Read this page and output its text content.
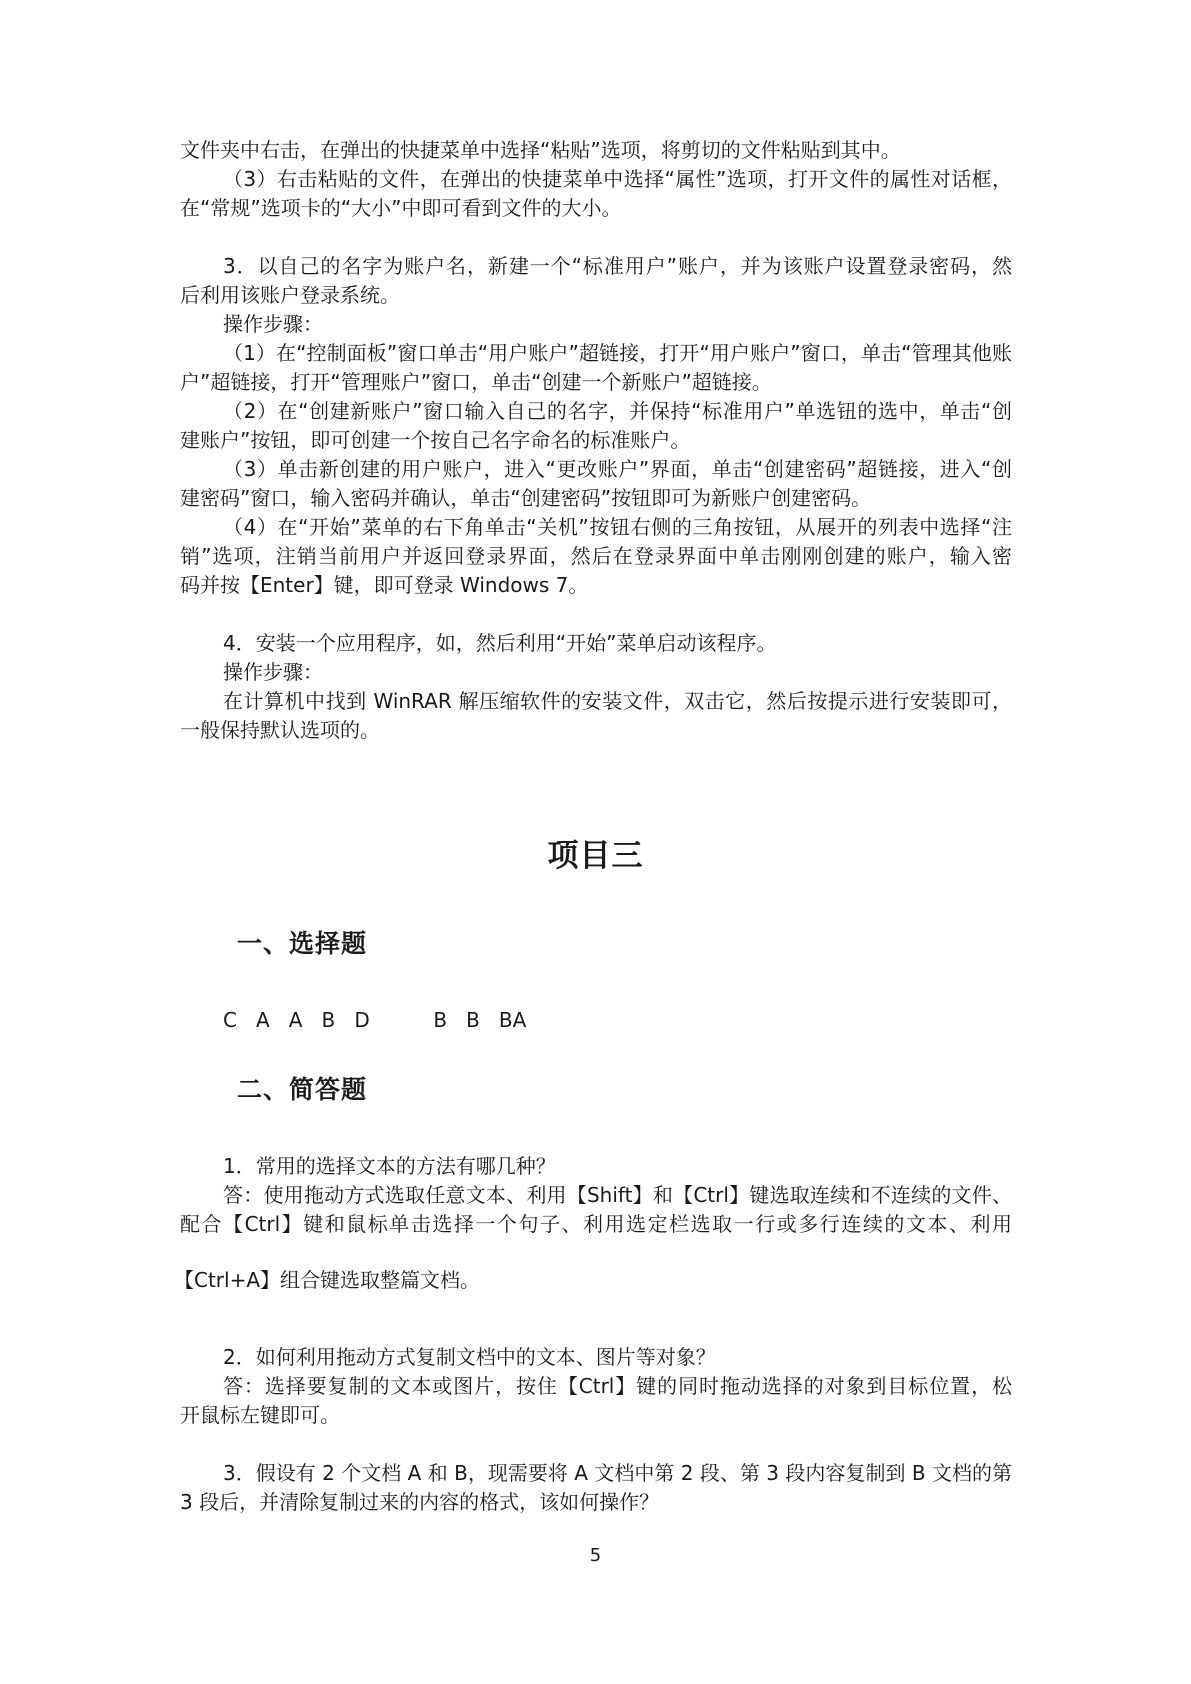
文件夹中右击，在弹出的快捷菜单中选择“粘贴”选项，将剪切的文件粘贴到其中。
（3）右击粘贴的文件，在弹出的快捷菜单中选择“属性”选项，打开文件的属性对话框，
在“常规”选项卡的“大小”中即可看到文件的大小。
3．以自己的名字为账户名，新建一个“标准用户”账户，并为该账户设置登录密码，然
后利用该账户登录系统。
操作步骤：
（1）在“控制面板”窗口单击“用户账户”超链接，打开“用户账户”窗口，单击“管理其他账
户”超链接，打开“管理账户”窗口，单击“创建一个新账户”超链接。
（2）在“创建新账户”窗口输入自己的名字，并保持“标准用户”单选钮的选中，单击“创
建账户”按钮，即可创建一个按自己名字命名的标准账户。
（3）单击新创建的用户账户，进入“更改账户”界面，单击“创建密码”超链接，进入“创
建密码”窗口，输入密码并确认，单击“创建密码”按钮即可为新账户创建密码。
（4）在“开始”菜单的右下角单击“关机”按钮右侧的三角按钮，从展开的列表中选择“注
销”选项，注销当前用户并返回登录界面，然后在登录界面中单击刚刚创建的账户，输入密
码并按【Enter】键，即可登录 Windows 7。
4．安装一个应用程序，如，然后利用“开始”菜单启动该程序。
操作步骤：
在计算机中找到 WinRAR 解压缩软件的安装文件，双击它，然后按提示进行安装即可，
一般保持默认选项的。
项目三
一、选择题
C   A   A   B   D          B   B   BA
二、简答题
1．常用的选择文本的方法有哪几种？
答：使用拖动方式选取任意文本、利用【Shift】和【Ctrl】键选取连续和不连续的文件、
配合【Ctrl】键和鼠标单击选择一个句子、利用选定栏选取一行或多行连续的文本、利用
【Ctrl+A】组合键选取整篇文档。
2．如何利用拖动方式复制文档中的文本、图片等对象？
答：选择要复制的文本或图片，按住【Ctrl】键的同时拖动选择的对象到目标位置，松
开鼠标左键即可。
3．假设有 2 个文档 A 和 B，现需要将 A 文档中第 2 段、第 3 段内容复制到 B 文档的第
3 段后，并清除复制过来的内容的格式，该如何操作？
5
